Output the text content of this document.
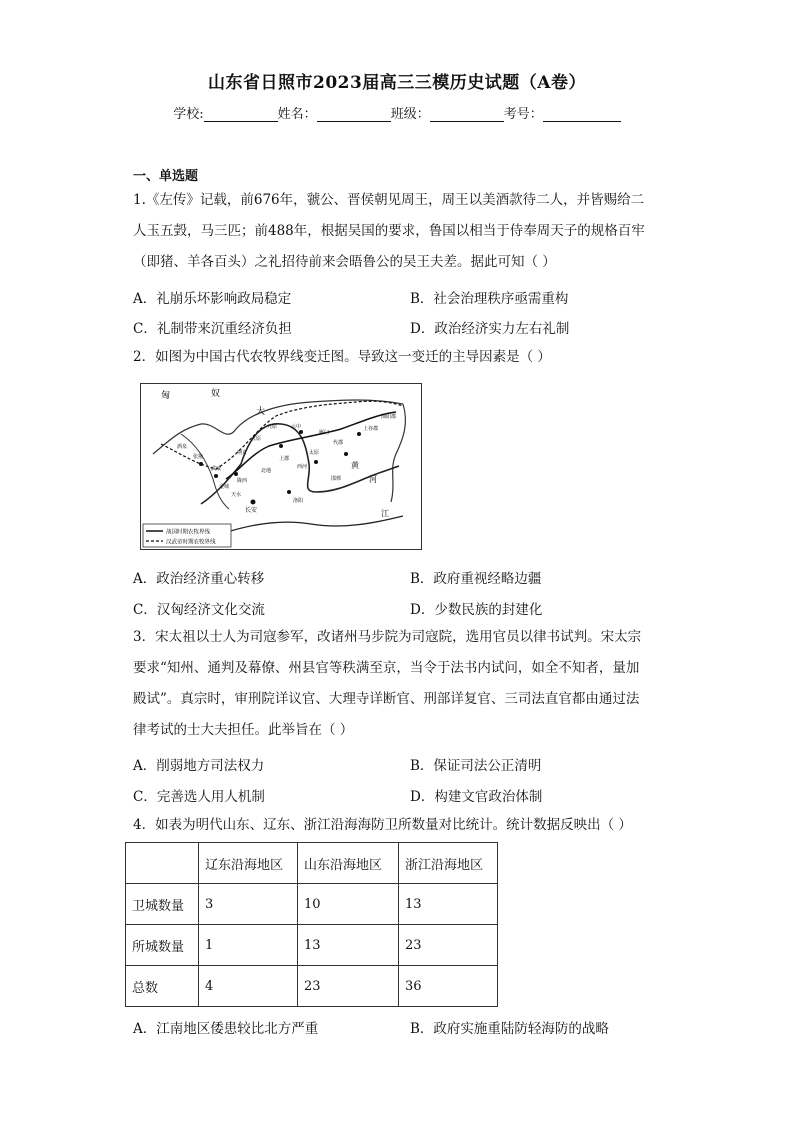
山东省日照市2023届高三三模历史试题（A卷）
学校:	姓名：	班级：	考号：
一、单选题
1.《左传》记载，前676年，虢公、晋侯朝见周王，周王以美酒款待二人，并皆赐给二
人玉五瑴，马三匹；前488年，根据吴国的要求，鲁国以相当于侍奉周天子的规格百牢
（即猪、羊各百头）之礼招待前来会晤鲁公的吴王夫差。据此可知（ ）
A．礼崩乐坏影响政局稳定	B．社会治理秩序亟需重构
C．礼制带来沉重经济负担	D．政治经济实力左右礼制
2．如图为中国古代农牧界线变迁图。导致这一变迁的主导因素是（ ）
匈	奴
大
长安
黄
河
江
上谷郡
渔阳郡
代郡
雁门
云中
九原
五原
朔方
武威
张掖
酒泉
金城
天水
陇西
北地
上郡
西河
太原
邯郸
洛阳
战国时期农牧界线
汉武帝时期农牧界线
A．政治经济重心转移	B．政府重视经略边疆
C．汉匈经济文化交流	D．少数民族的封建化
3．宋太祖以士人为司寇参军，改诸州马步院为司寇院，选用官员以律书试判。宋太宗
要求“知州、通判及幕僚、州县官等秩满至京，当令于法书内试问，如全不知者，量加
殿试”。真宗时，审刑院详议官、大理寺详断官、刑部详复官、三司法直官都由通过法
律考试的士大夫担任。此举旨在（ ）
A．削弱地方司法权力	B．保证司法公正清明
C．完善选人用人机制	D．构建文官政治体制
4．如表为明代山东、辽东、浙江沿海海防卫所数量对比统计。统计数据反映出（ ）
	辽东沿海地区	山东沿海地区	浙江沿海地区
卫城数量	3	10	13
所城数量	1	13	23
总数	4	23	36
A．江南地区倭患较比北方严重	B．政府实施重陆防轻海防的战略
